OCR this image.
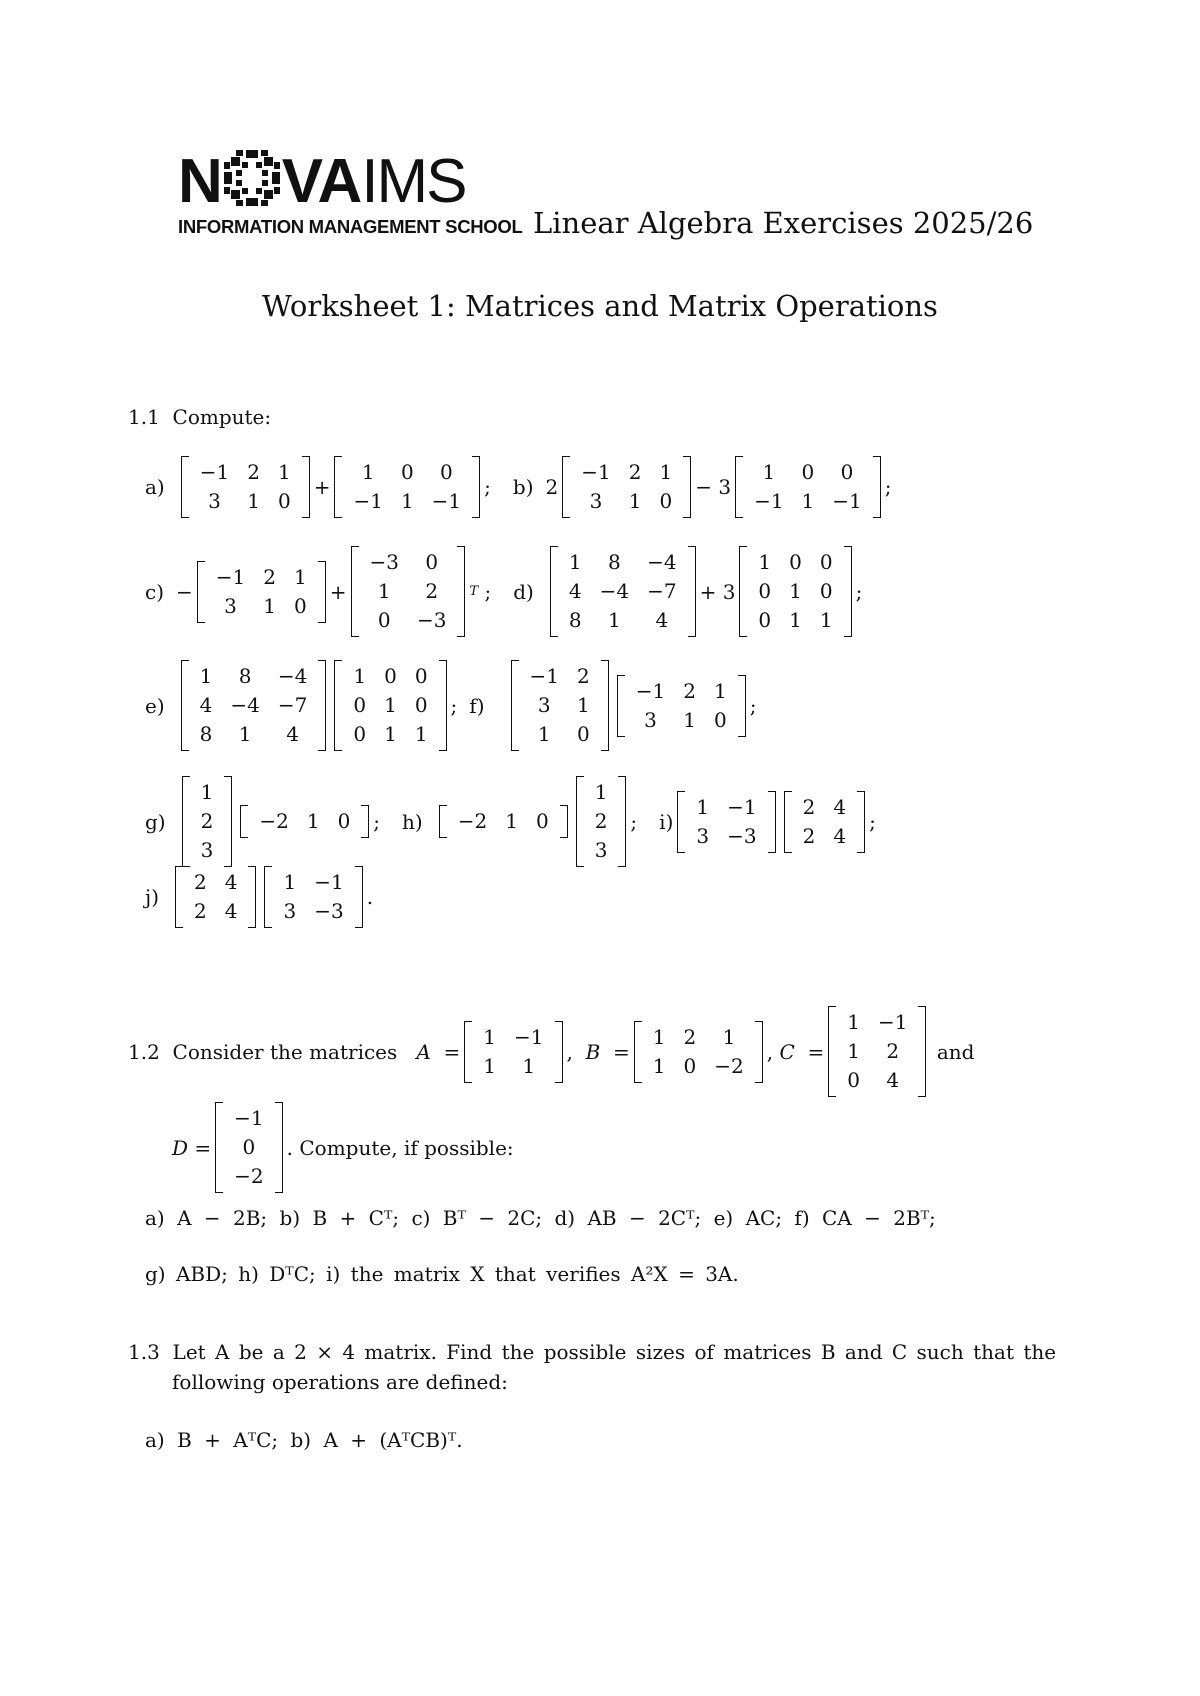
N VAIMS
INFORMATION MANAGEMENT SCHOOL Linear Algebra Exercises 2025/26
Worksheet 1: Matrices and Matrix Operations
1.1 Compute:
a)
−1	2	1
3	1	0
+
1	0	0
−1	1	−1
; b) 2
−1	2	1
3	1	0
−
3
1	0	0
−1	1	−1
;
c) −
−1	2	1
3	1	0
+
−3	0
1	2
0	−3
T ; d)
1	8	−4
4	−4	−7
8	1	4
+
3
1	0	0
0	1	0
0	1	1
;
e)
1	8	−4
4	−4	−7
8	1	4
1	0	0
0	1	0
0	1	1
; f)
−1	2
3	1
1	0
−1	2	1
3	1	0
;
g)
1
2
3
−2	1	0 ; h) −2	1	0
1
2
3
; i)
1	−1
3	−3
2	4
2	4
;
j)
2	4
2	4
1	−1
3	−3
.
1.2
Consider the matrices
A =
1	−1
1	1
, B =
1	2	1
1	0	−2
, C =
1	−1
1	2
0	4

and
D =
−1
0
−2
. Compute, if possible:
a) A − 2B; b) B + Cᵀ; c) Bᵀ − 2C; d) AB − 2Cᵀ; e) AC; f) CA − 2Bᵀ;
g) ABD; h) DᵀC; i) the matrix X that verifies A²X = 3A.
1.3
Let A be a 2 × 4 matrix. Find the possible sizes of matrices B and C such that the
following operations are defined:
a) B + AᵀC; b) A + (AᵀCB)ᵀ.
